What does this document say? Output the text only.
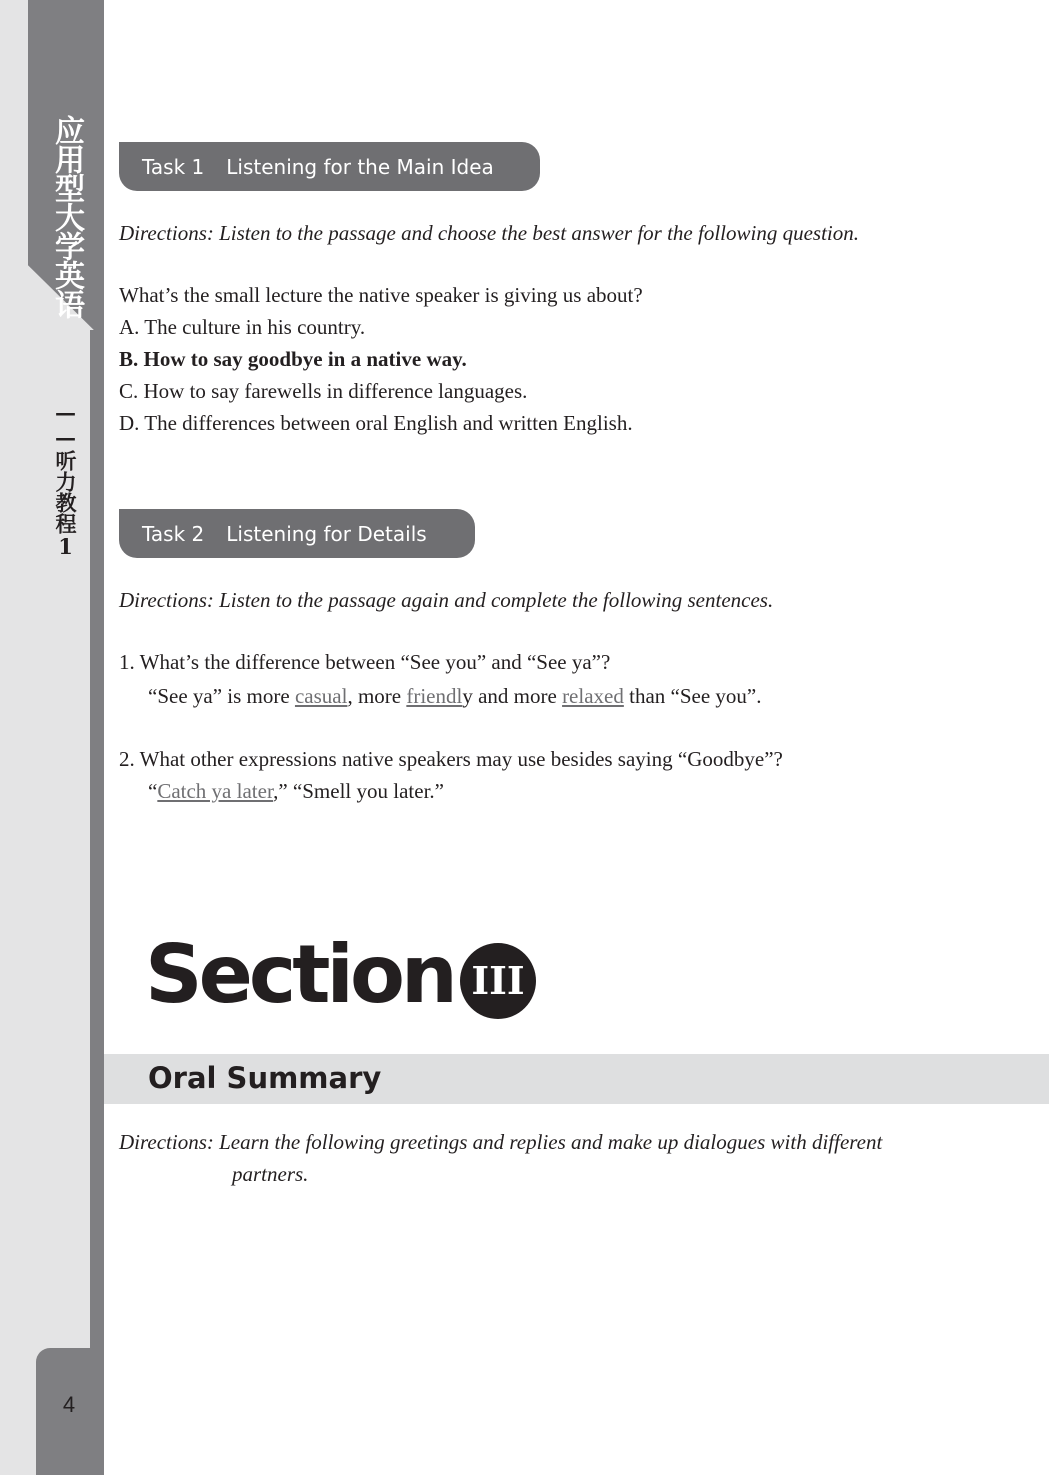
应用型大学英语
——听力教程1
4
Task 1 Listening for the Main Idea
Directions: Listen to the passage and choose the best answer for the following question.
What’s the small lecture the native speaker is giving us about?
A. The culture in his country.
B. How to say goodbye in a native way.
C. How to say farewells in difference languages.
D. The differences between oral English and written English.
Task 2 Listening for Details
Directions: Listen to the passage again and complete the following sentences.
1. What’s the difference between “See you” and “See ya”?
“See ya” is more casual, more friendly and more relaxed than “See you”.
2. What other expressions native speakers may use besides saying “Goodbye”?
“Catch ya later,” “Smell you later.”
Section III
Oral Summary
Directions: Learn the following greetings and replies and make up dialogues with different
partners.
